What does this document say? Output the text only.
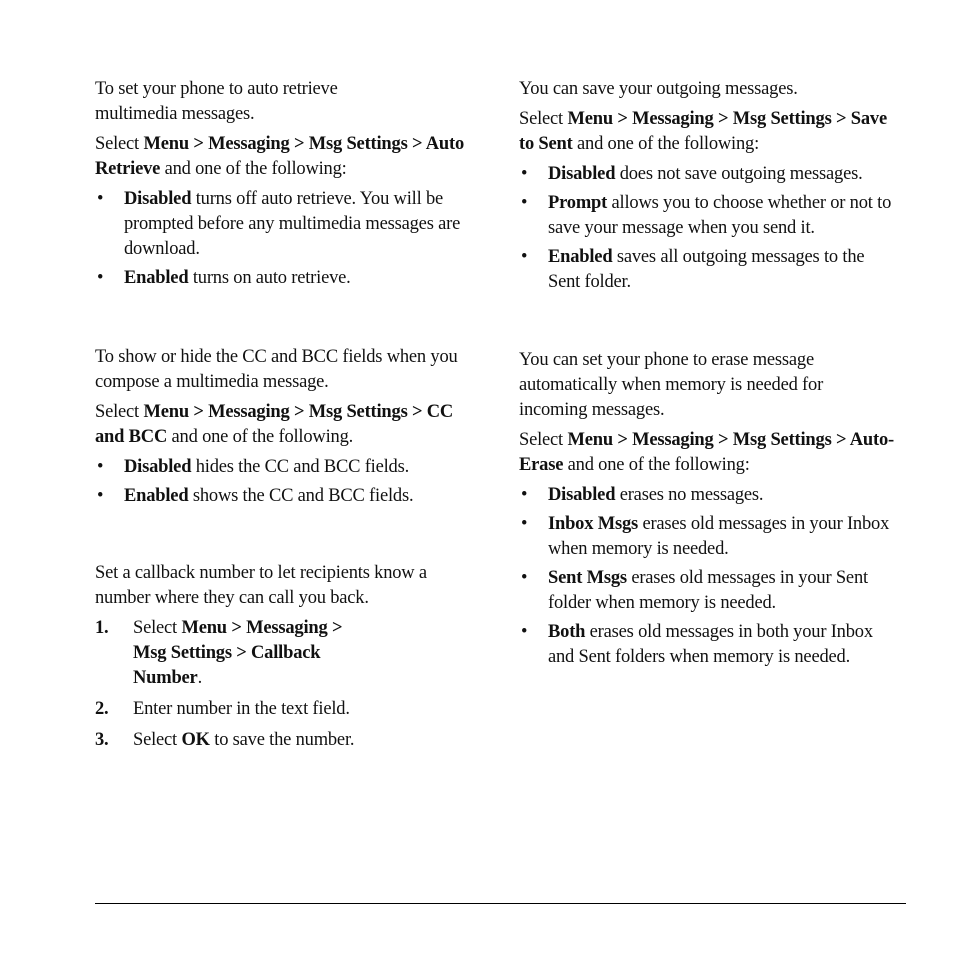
To set your phone to auto retrieve multimedia messages.

Select Menu > Messaging > Msg Settings > Auto Retrieve and one of the following:

• Disabled turns off auto retrieve. You will be prompted before any multimedia messages are download.
• Enabled turns on auto retrieve.

To show or hide the CC and BCC fields when you compose a multimedia message.

Select Menu > Messaging > Msg Settings > CC and BCC and one of the following.

• Disabled hides the CC and BCC fields.
• Enabled shows the CC and BCC fields.

Set a callback number to let recipients know a number where they can call you back.

1. Select Menu > Messaging > Msg Settings > Callback Number.
2. Enter number in the text field.
3. Select OK to save the number.

You can save your outgoing messages.

Select Menu > Messaging > Msg Settings > Save to Sent and one of the following:

• Disabled does not save outgoing messages.
• Prompt allows you to choose whether or not to save your message when you send it.
• Enabled saves all outgoing messages to the Sent folder.

You can set your phone to erase message automatically when memory is needed for incoming messages.

Select Menu > Messaging > Msg Settings > Auto-Erase and one of the following:

• Disabled erases no messages.
• Inbox Msgs erases old messages in your Inbox when memory is needed.
• Sent Msgs erases old messages in your Sent folder when memory is needed.
• Both erases old messages in both your Inbox and Sent folders when memory is needed.
